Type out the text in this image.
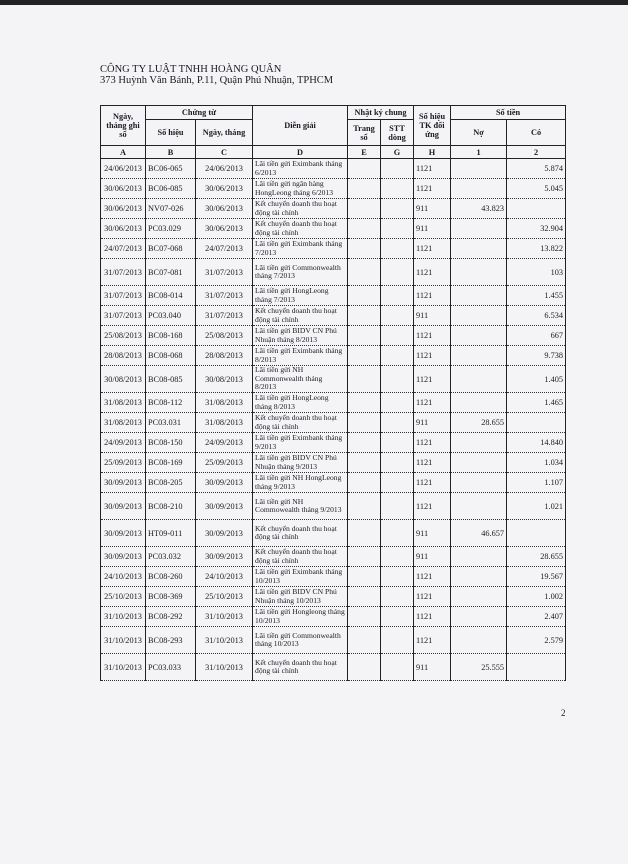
CÔNG TY LUẬT TNHH HOÀNG QUÂN
373 Huỳnh Văn Bánh, P.11, Quận Phú Nhuận, TPHCM
Ngày, tháng ghi sổ	Chứng từ		Diễn giải	Nhật ký chung		Số hiệu TK đối ứng	Số tiền	
	Số hiệu	Ngày, tháng		Trang sổ	STT dòng		Nợ	Có
A	B	C	D	E	G	H	1	2
24/06/2013	BC06-065	24/06/2013	Lãi tiền gửi Eximbank tháng 6/2013			1121		5.874
30/06/2013	BC06-085	30/06/2013	Lãi tiền gửi ngân hàng HongLeong tháng 6/2013			1121		5.045
30/06/2013	NV07-026	30/06/2013	Kết chuyển doanh thu hoạt động tài chính			911	43.823	
30/06/2013	PC03.029	30/06/2013	Kết chuyển doanh thu hoạt động tài chính			911		32.904
24/07/2013	BC07-068	24/07/2013	Lãi tiền gửi Eximbank tháng 7/2013			1121		13.822
31/07/2013	BC07-081	31/07/2013	Lãi tiền gửi Commonwealth tháng 7/2013			1121		103
31/07/2013	BC08-014	31/07/2013	Lãi tiền gửi HongLeong tháng 7/2013			1121		1.455
31/07/2013	PC03.040	31/07/2013	Kết chuyển doanh thu hoạt động tài chính			911		6.534
25/08/2013	BC08-168	25/08/2013	Lãi tiền gửi BIDV CN Phú Nhuận tháng 8/2013			1121		667
28/08/2013	BC08-068	28/08/2013	Lãi tiền gửi Eximbank tháng 8/2013			1121		9.738
30/08/2013	BC08-085	30/08/2013	Lãi tiền gửi NH Commonwealth tháng 8/2013			1121		1.405
31/08/2013	BC08-112	31/08/2013	Lãi tiền gửi HongLeong tháng 8/2013			1121		1.465
31/08/2013	PC03.031	31/08/2013	Kết chuyển doanh thu hoạt động tài chính			911	28.655	
24/09/2013	BC08-150	24/09/2013	Lãi tiền gửi Eximbank tháng 9/2013			1121		14.840
25/09/2013	BC08-169	25/09/2013	Lãi tiền gửi BIDV CN Phú Nhuận tháng 9/2013			1121		1.034
30/09/2013	BC08-205	30/09/2013	Lãi tiền gửi NH HongLeong tháng 9/2013			1121		1.107
30/09/2013	BC08-210	30/09/2013	Lãi tiền gửi NH Commowealth tháng 9/2013			1121		1.021
30/09/2013	HT09-011	30/09/2013	Kết chuyển doanh thu hoạt động tài chính			911	46.657	
30/09/2013	PC03.032	30/09/2013	Kết chuyển doanh thu hoạt động tài chính			911		28.655
24/10/2013	BC08-260	24/10/2013	Lãi tiền gửi Eximbank tháng 10/2013			1121		19.567
25/10/2013	BC08-369	25/10/2013	Lãi tiền gửi BIDV CN Phú Nhuận tháng 10/2013			1121		1.002
31/10/2013	BC08-292	31/10/2013	Lãi tiền gửi Hongleong tháng 10/2013			1121		2.407
31/10/2013	BC08-293	31/10/2013	Lãi tiền gửi Commonwealth tháng 10/2013			1121		2.579
31/10/2013	PC03.033	31/10/2013	Kết chuyển doanh thu hoạt động tài chính			911	25.555	
2
